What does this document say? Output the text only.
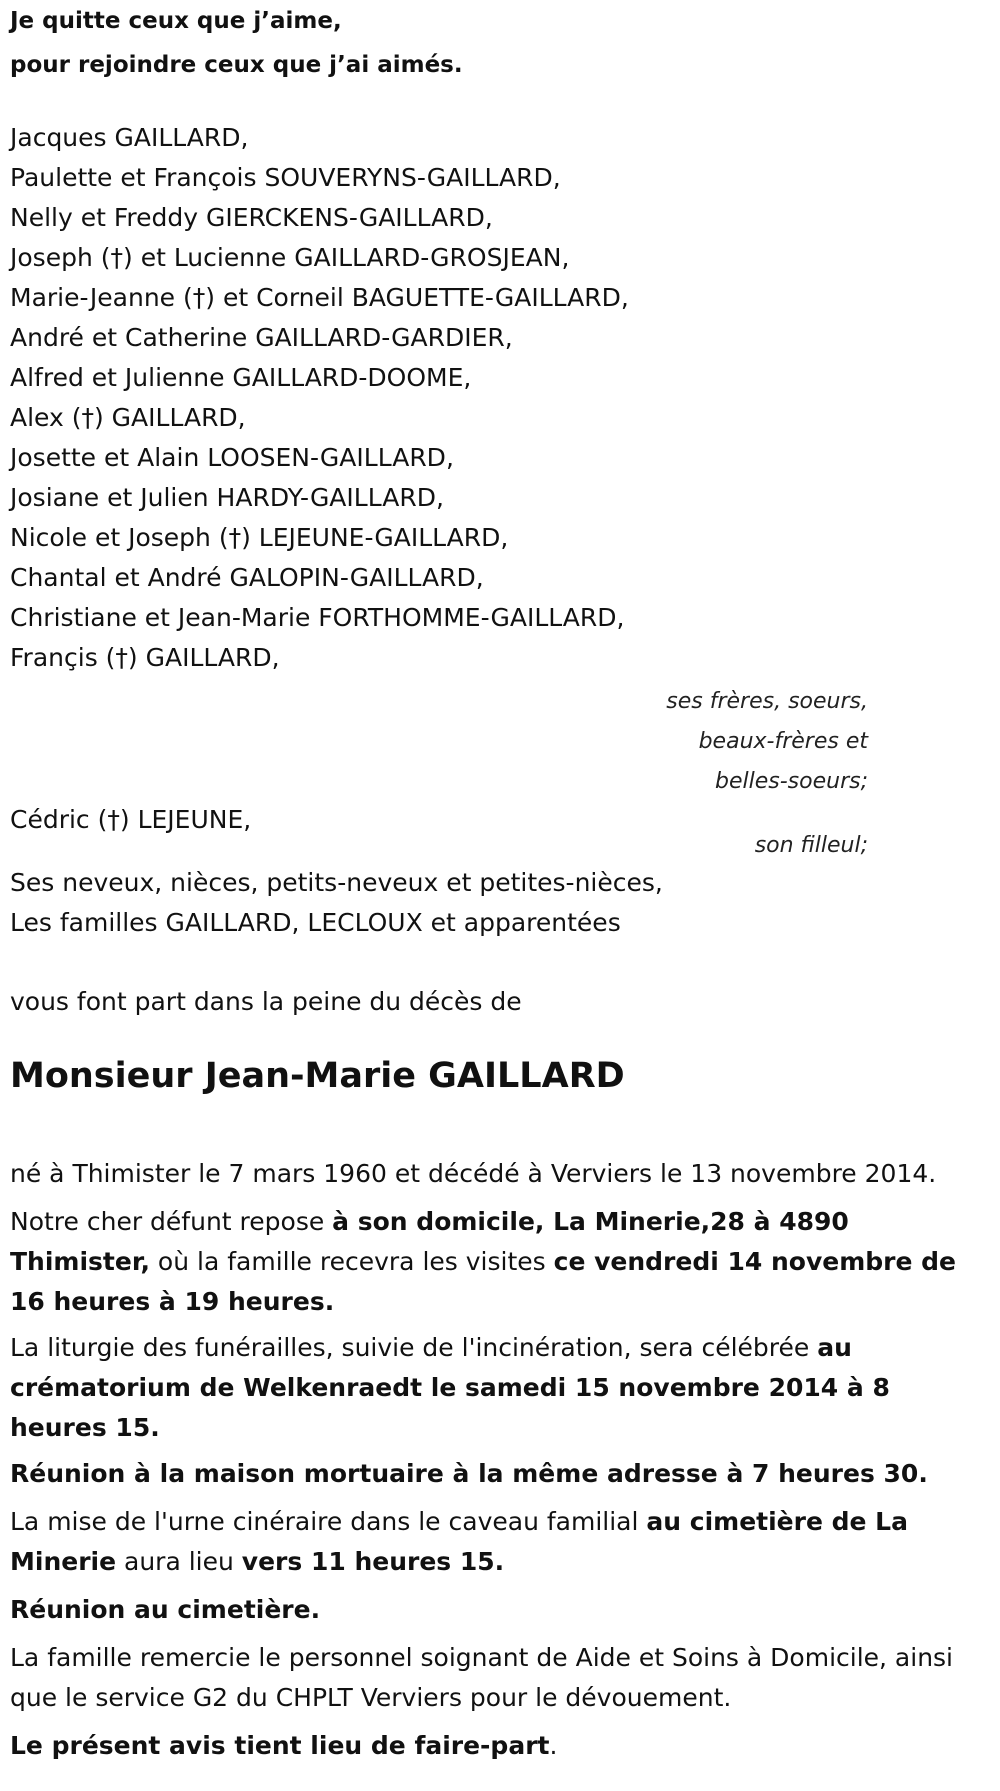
Je quitte ceux que j’aime,
pour rejoindre ceux que j’ai aimés.
Jacques GAILLARD,
Paulette et François SOUVERYNS-GAILLARD,
Nelly et Freddy GIERCKENS-GAILLARD,
Joseph (†) et Lucienne GAILLARD-GROSJEAN,
Marie-Jeanne (†) et Corneil BAGUETTE-GAILLARD,
André et Catherine GAILLARD-GARDIER,
Alfred et Julienne GAILLARD-DOOME,
Alex (†) GAILLARD,
Josette et Alain LOOSEN-GAILLARD,
Josiane et Julien HARDY-GAILLARD,
Nicole et Joseph (†) LEJEUNE-GAILLARD,
Chantal et André GALOPIN-GAILLARD,
Christiane et Jean-Marie FORTHOMME-GAILLARD,
Françis (†) GAILLARD,
ses frères, soeurs,
beaux-frères et
belles-soeurs;
Cédric (†) LEJEUNE,
son filleul;
Ses neveux, nièces, petits-neveux et petites-nièces,
Les familles GAILLARD, LECLOUX et apparentées
vous font part dans la peine du décès de
Monsieur Jean-Marie GAILLARD
né à Thimister le 7 mars 1960 et décédé à Verviers le 13 novembre 2014.
Notre cher défunt repose à son domicile, La Minerie,28 à 4890 Thimister, où la famille recevra les visites ce vendredi 14 novembre de 16 heures à 19 heures.
La liturgie des funérailles, suivie de l'incinération, sera célébrée au crématorium de Welkenraedt le samedi 15 novembre 2014 à 8 heures 15.
Réunion à la maison mortuaire à la même adresse à 7 heures 30.
La mise de l'urne cinéraire dans le caveau familial au cimetière de La Minerie aura lieu vers 11 heures 15.
Réunion au cimetière.
La famille remercie le personnel soignant de Aide et Soins à Domicile, ainsi que le service G2 du CHPLT Verviers pour le dévouement.
Le présent avis tient lieu de faire-part.
